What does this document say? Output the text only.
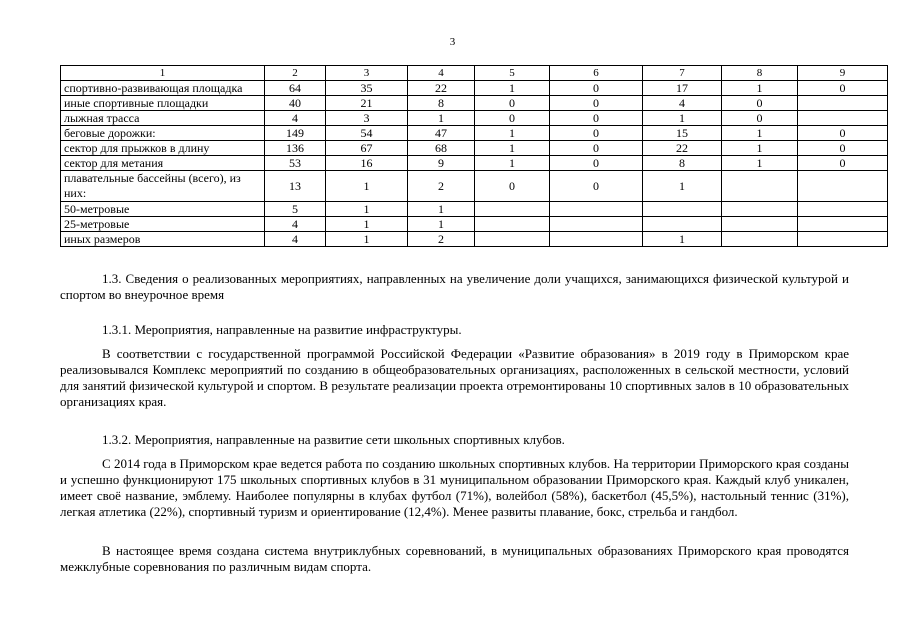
3
1	2	3	4	5	6	7	8	9
спортивно-развивающая площадка	64	35	22	1	0	17	1	0
иные спортивные площадки	40	21	8	0	0	4	0	
лыжная трасса	4	3	1	0	0	1	0	
беговые дорожки:	149	54	47	1	0	15	1	0
сектор для прыжков в длину	136	67	68	1	0	22	1	0
сектор для метания	53	16	9	1	0	8	1	0
плавательные бассейны (всего), из них:	13	1	2	0	0	1		
50-метровые	5	1	1					
25-метровые	4	1	1					
иных размеров	4	1	2			1		
1.3. Сведения о реализованных мероприятиях, направленных на увеличение доли учащихся, занимающихся физической культурой и спортом во внеурочное время
1.3.1. Мероприятия, направленные на развитие инфраструктуры.
В соответствии с государственной программой Российской Федерации «Развитие образования» в 2019 году в Приморском крае реализовывался Комплекс мероприятий по созданию в общеобразовательных организациях, расположенных в сельской местности, условий для занятий физической культурой и спортом. В результате реализации проекта отремонтированы 10 спортивных залов в 10 образовательных организациях края.
1.3.2. Мероприятия, направленные на развитие сети школьных спортивных клубов.
С 2014 года в Приморском крае ведется работа по созданию школьных спортивных клубов. На территории Приморского края созданы и успешно функционируют 175 школьных спортивных клубов в 31 муниципальном образовании Приморского края. Каждый клуб уникален, имеет своё название, эмблему. Наиболее популярны в клубах футбол (71%), волейбол (58%), баскетбол (45,5%), настольный теннис (31%), легкая атлетика (22%), спортивный туризм и ориентирование (12,4%). Менее развиты плавание, бокс, стрельба и гандбол.
В настоящее время создана система внутриклубных соревнований, в муниципальных образованиях Приморского края проводятся межклубные соревнования по различным видам спорта.
